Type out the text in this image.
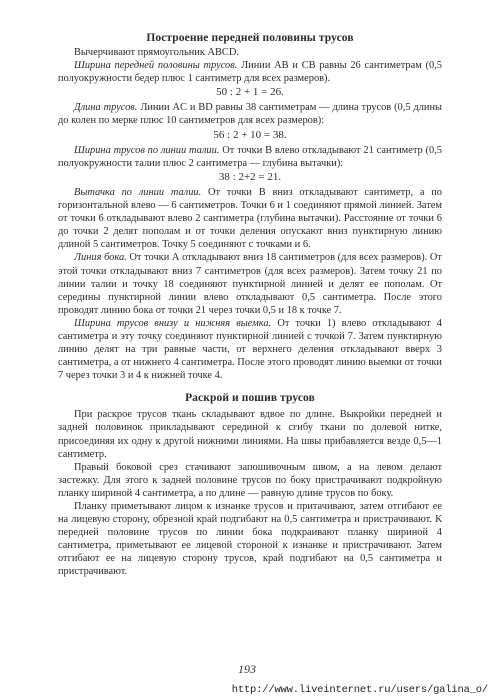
Построение передней половины трусов

Вычерчивают прямоугольник ABCD.

Ширина передней половины трусов. Линии AB и CB равны 26 сантиметрам (0,5 полуокружности бедер плюс 1 сантиметр для всех размеров).

50 : 2 + 1 = 26.

Длина трусов. Линии AC и BD равны 38 сантиметрам — длина трусов (0,5 длины до колен по мерке плюс 10 сантиметров для всех размеров):

56 : 2 + 10 = 38.

Ширина трусов по линии талии. От точки B влево откладывают 21 сантиметр (0,5 полуокружности талии плюс 2 сантиметра — глубина вытачки):

38 : 2+2 = 21.

Вытачка по линии талии. От точки B вниз откладывают сантиметр, а по горизонтальной влево — 6 сантиметров. Точки 6 и 1 соединяют прямой линией. Затем от точки 6 откладывают влево 2 сантиметра (глубина вытачки). Расстояние от точки 6 до точки 2 делят пополам и от точки деления опускают вниз пунктирную линию длиной 5 сантиметров. Точку 5 соединяют с точками и 6.

Линия бока. От точки А откладывают вниз 18 сантиметров (для всех размеров). От этой точки откладывают вниз 7 сантиметров (для всех размеров). Затем точку 21 по линии талии и точку 18 соединяют пунктирной линией и делят ее пополам. От середины пунктирной линии влево откладывают 0,5 сантиметра. После этого проводят линию бока от точки 21 через точки 0,5 и 18 к точке 7.

Ширина трусов внизу и нижняя выемка. От точки 1) влево откладывают 4 сантиметра и эту точку соединяют пунктирной линией с точкой 7. Затем пунктирную линию делят на три равные части, от верхнего деления откладывают вверх 3 сантиметра, а от нижнего 4 сантиметра. После этого проводят линию выемки от точки 7 через точки 3 и 4 к нижней точке 4.

Раскрой и пошив трусов

При раскрое трусов ткань складывают вдвое по длине. Выкройки передней и задней половинок прикладывают серединой к сгибу ткани по долевой нитке, присоединяя их одну к другой нижними линиями. На швы прибавляется везде 0,5—1 сантиметр.

Правый боковой срез стачивают запошивочным швом, а на левом делают застежку. Для этого к задней половине трусов по боку пристрачивают подкройную планку шириной 4 сантиметра, а по длине — равную длине трусов по боку.

Планку приметывают лицом к изнанке трусов и притачивают, затем отгибают ее на лицевую сторону, обрезной край подгибают на 0,5 сантиметра и пристрачивают. К передней половине трусов по линии бока подкраивают планку шириной 4 сантиметра, приметывают ее лицевой стороной к изнанке и пристрачивают. Затем отгибают ее на лицевую сторону трусов, край подгибают на 0,5 сантиметра и пристрачивают.

193
http://www.liveinternet.ru/users/galina_o/
